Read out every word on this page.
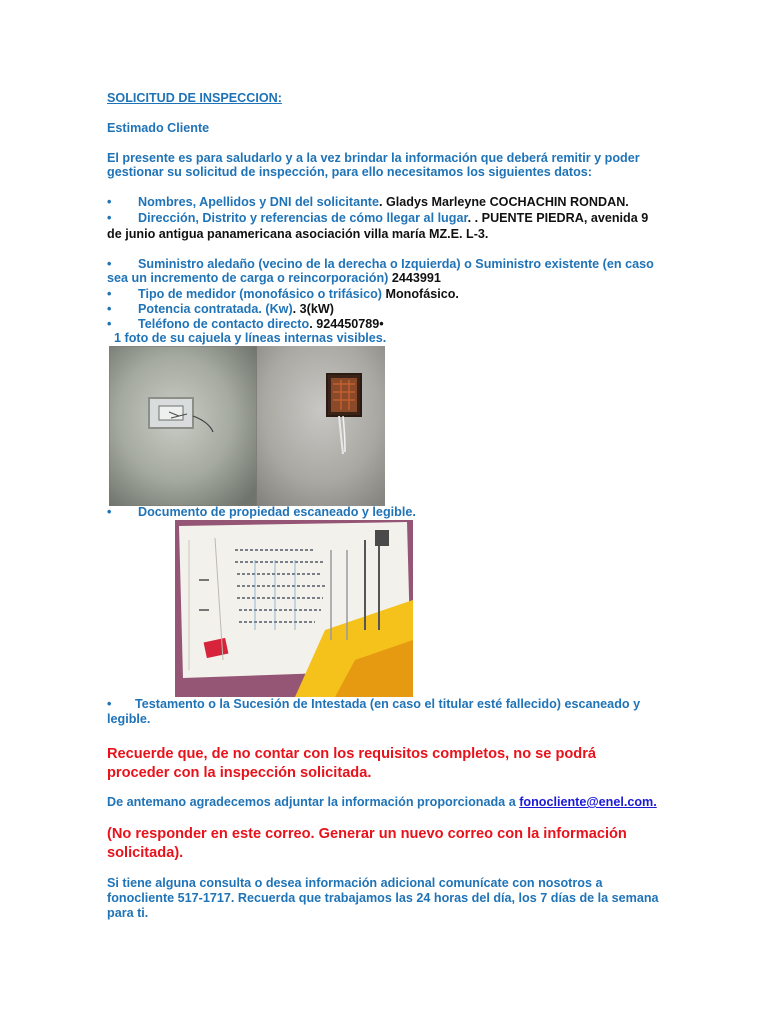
SOLICITUD DE INSPECCION:
Estimado Cliente
El presente es para saludarlo y a la vez brindar la información que deberá remitir y poder
gestionar su solicitud de inspección, para ello necesitamos los siguientes datos:
• Nombres, Apellidos y DNI del solicitante. Gladys Marleyne COCHACHIN RONDAN.
• Dirección, Distrito y referencias de cómo llegar al lugar. . PUENTE PIEDRA, avenida 9
de junio antigua panamericana asociación villa maría MZ.E. L-3.
• Suministro aledaño (vecino de la derecha o Izquierda) o Suministro existente (en caso
sea un incremento de carga o reincorporación) 2443991
• Tipo de medidor (monofásico o trifásico) Monofásico.
• Potencia contratada. (Kw). 3(kW)
• Teléfono de contacto directo. 924450789•
1 foto de su cajuela y líneas internas visibles.
• Documento de propiedad escaneado y legible.
• Testamento o la Sucesión de Intestada (en caso el titular esté fallecido) escaneado y
legible.
Recuerde que, de no contar con los requisitos completos, no se podrá
proceder con la inspección solicitada.
De antemano agradecemos adjuntar la información proporcionada a fonocliente@enel.com.
(No responder en este correo. Generar un nuevo correo con la información
solicitada).
Si tiene alguna consulta o desea información adicional comunícate con nosotros a
fonocliente 517-1717. Recuerda que trabajamos las 24 horas del día, los 7 días de la semana
para ti.
